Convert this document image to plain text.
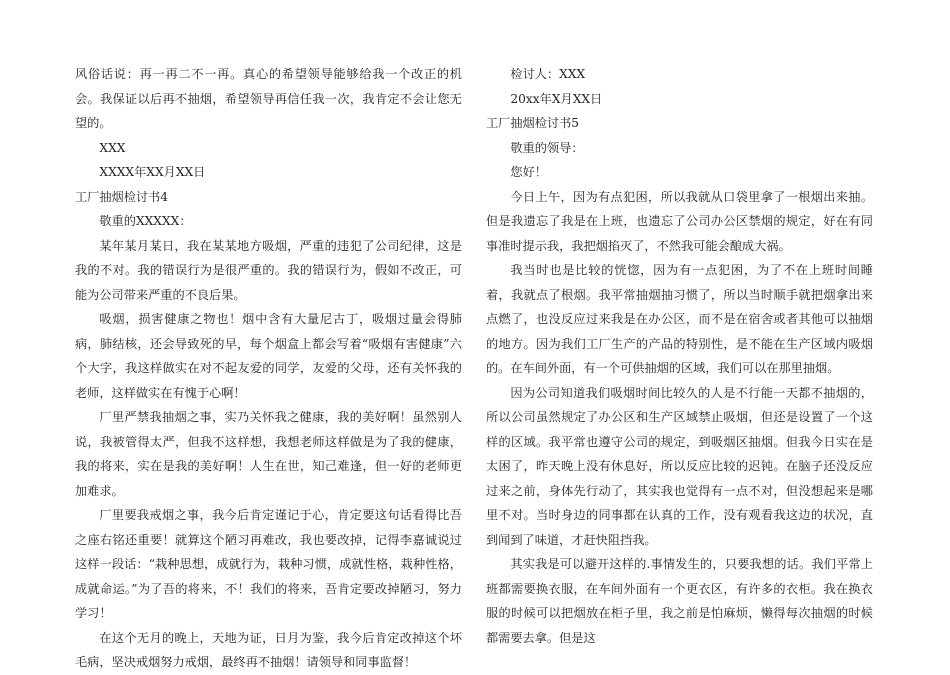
风俗话说：再一再二不一再。真心的希望领导能够给我一个改正的机会。我保证以后再不抽烟，希望领导再信任我一次，我肯定不会让您无望的。

XXX

XXXX年XX月XX日

工厂抽烟检讨书4

敬重的XXXXX：

某年某月某日，我在某某地方吸烟，严重的违犯了公司纪律，这是我的不对。我的错误行为是很严重的。我的错误行为，假如不改正，可能为公司带来严重的不良后果。

吸烟，损害健康之物也！烟中含有大量尼古丁，吸烟过量会得肺病，肺结核，还会导致死的早，每个烟盒上都会写着“吸烟有害健康”六个大字，我这样做实在对不起友爱的同学，友爱的父母，还有关怀我的老师，这样做实在有愧于心啊！

厂里严禁我抽烟之事，实乃关怀我之健康，我的美好啊！虽然别人说，我被管得太严，但我不这样想，我想老师这样做是为了我的健康，我的将来，实在是我的美好啊！人生在世，知己难逢，但一好的老师更加难求。

厂里要我戒烟之事，我今后肯定谨记于心，肯定要这句话看得比吾之座右铭还重要！就算这个陋习再难改，我也要改掉，记得李嘉诚说过这样一段话：“栽种思想，成就行为，栽种习惯，成就性格，栽种性格，成就命运。”为了吾的将来，不！我们的将来，吾肯定要改掉陋习，努力学习！

在这个无月的晚上，天地为证，日月为鉴，我今后肯定改掉这个坏毛病，坚决戒烟努力戒烟，最终再不抽烟！请领导和同事监督！

检讨人：XXX

20xx年X月XX日

工厂抽烟检讨书5

敬重的领导：

您好！

今日上午，因为有点犯困，所以我就从口袋里拿了一根烟出来抽。但是我遗忘了我是在上班，也遗忘了公司办公区禁烟的规定，好在有同事准时提示我，我把烟掐灭了，不然我可能会酿成大祸。

我当时也是比较的恍惚，因为有一点犯困，为了不在上班时间睡着，我就点了根烟。我平常抽烟抽习惯了，所以当时顺手就把烟拿出来点燃了，也没反应过来我是在办公区，而不是在宿舍或者其他可以抽烟的地方。因为我们工厂生产的产品的特别性，是不能在生产区域内吸烟的。在车间外面，有一个可供抽烟的区域，我们可以在那里抽烟。

因为公司知道我们吸烟时间比较久的人是不行能一天都不抽烟的，所以公司虽然规定了办公区和生产区域禁止吸烟，但还是设置了一个这样的区域。我平常也遵守公司的规定，到吸烟区抽烟。但我今日实在是太困了，昨天晚上没有休息好，所以反应比较的迟钝。在脑子还没反应过来之前，身体先行动了，其实我也觉得有一点不对，但没想起来是哪里不对。当时身边的同事都在认真的工作，没有观看我这边的状况，直到闻到了味道，才赶快阻挡我。

其实我是可以避开这样的.事情发生的，只要我想的话。我们平常上班都需要换衣服，在车间外面有一个更衣区，有许多的衣柜。我在换衣服的时候可以把烟放在柜子里，我之前是怕麻烦，懒得每次抽烟的时候都需要去拿。但是这
